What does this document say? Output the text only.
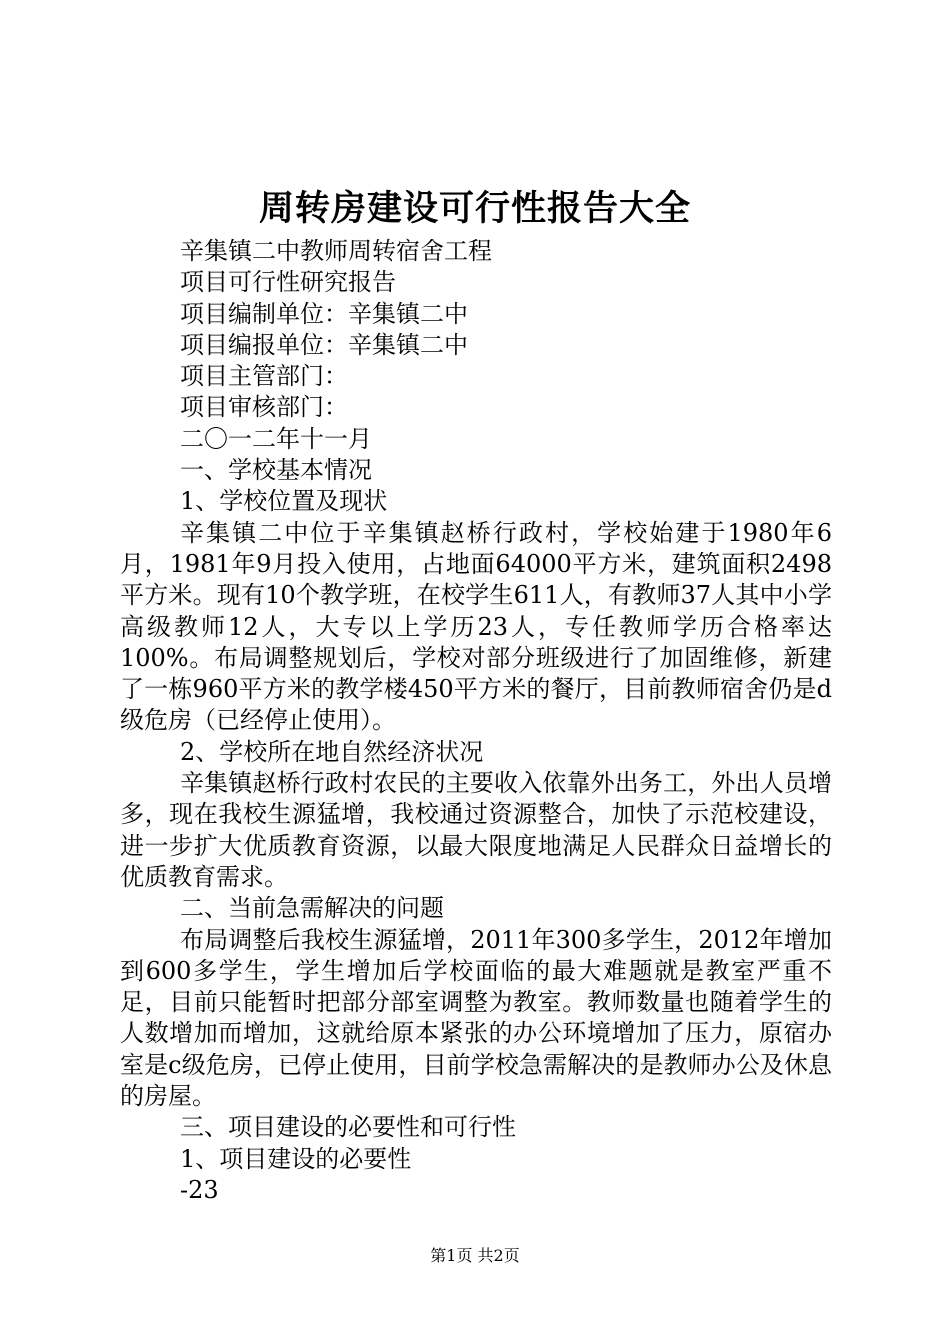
周转房建设可行性报告大全
辛集镇二中教师周转宿舍工程
项目可行性研究报告
项目编制单位：辛集镇二中
项目编报单位：辛集镇二中
项目主管部门：
项目审核部门：
二〇一二年十一月
一、学校基本情况
1、学校位置及现状

辛集镇二中位于辛集镇赵桥行政村，学校始建于1980年6月，1981年9月投入使用，占地面64000平方米，建筑面积2498平方米。现有10个教学班，在校学生611人，有教师37人其中小学高级教师12人，大专以上学历23人，专任教师学历合格率达100%。布局调整规划后，学校对部分班级进行了加固维修，新建了一栋960平方米的教学楼450平方米的餐厅，目前教师宿舍仍是d级危房（已经停止使用）。

2、学校所在地自然经济状况

辛集镇赵桥行政村农民的主要收入依靠外出务工，外出人员增多，现在我校生源猛增，我校通过资源整合，加快了示范校建设，进一步扩大优质教育资源，以最大限度地满足人民群众日益增长的优质教育需求。

二、当前急需解决的问题

布局调整后我校生源猛增，2011年300多学生，2012年增加到600多学生，学生增加后学校面临的最大难题就是教室严重不足，目前只能暂时把部分部室调整为教室。教师数量也随着学生的人数增加而增加，这就给原本紧张的办公环境增加了压力，原宿办室是c级危房，已停止使用，目前学校急需解决的是教师办公及休息的房屋。

三、项目建设的必要性和可行性
1、项目建设的必要性
-23
第1页 共2页
